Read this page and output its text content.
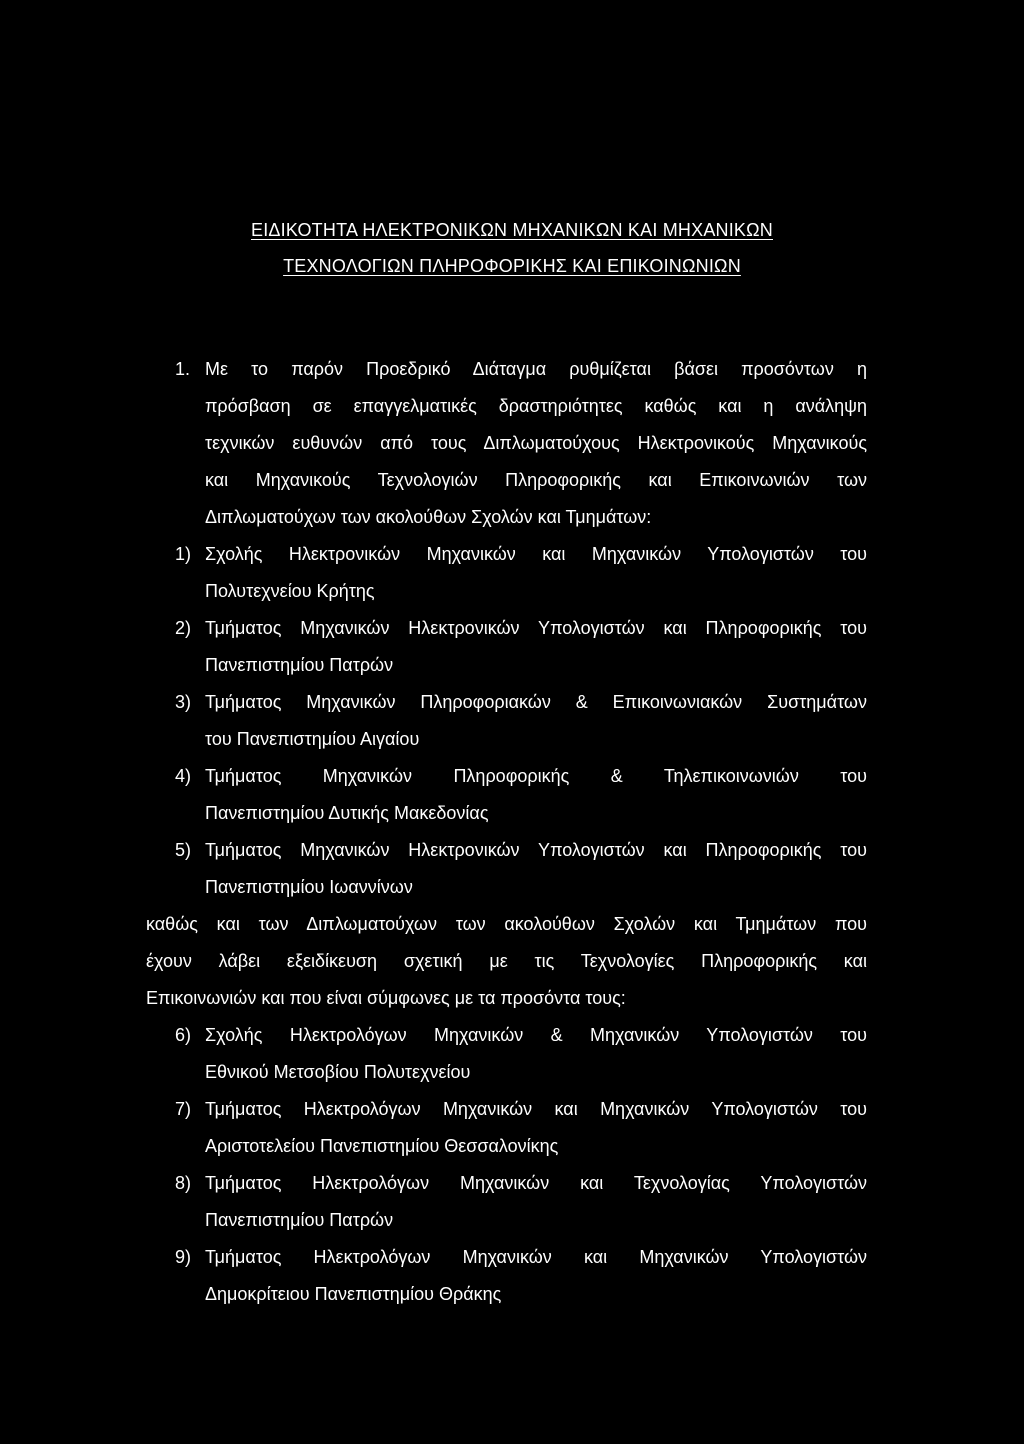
ΕΙΔΙΚΟΤΗΤΑ ΗΛΕΚΤΡΟΝΙΚΩΝ ΜΗΧΑΝΙΚΩΝ ΚΑΙ ΜΗΧΑΝΙΚΩΝ
ΤΕΧΝΟΛΟΓΙΩΝ ΠΛΗΡΟΦΟΡΙΚΗΣ ΚΑΙ ΕΠΙΚΟΙΝΩΝΙΩΝ
1. Με το παρόν Προεδρικό Διάταγμα ρυθμίζεται βάσει προσόντων η
πρόσβαση σε επαγγελματικές δραστηριότητες καθώς και η ανάληψη
τεχνικών ευθυνών από τους Διπλωματούχους Ηλεκτρονικούς Μηχανικούς
και Μηχανικούς Τεχνολογιών Πληροφορικής και Επικοινωνιών των
Διπλωματούχων των ακολούθων Σχολών και Τμημάτων:
1) Σχολής Ηλεκτρονικών Μηχανικών και Μηχανικών Υπολογιστών του
Πολυτεχνείου Κρήτης
2) Τμήματος Μηχανικών Ηλεκτρονικών Υπολογιστών και Πληροφορικής του
Πανεπιστημίου Πατρών
3) Τμήματος Μηχανικών Πληροφοριακών & Επικοινωνιακών Συστημάτων
του Πανεπιστημίου Αιγαίου
4) Τμήματος Μηχανικών Πληροφορικής & Τηλεπικοινωνιών του
Πανεπιστημίου Δυτικής Μακεδονίας
5) Τμήματος Μηχανικών Ηλεκτρονικών Υπολογιστών και Πληροφορικής του
Πανεπιστημίου Ιωαννίνων
καθώς και των Διπλωματούχων των ακολούθων Σχολών και Τμημάτων που
έχουν λάβει εξειδίκευση σχετική με τις Τεχνολογίες Πληροφορικής και
Επικοινωνιών και που είναι σύμφωνες με τα προσόντα τους:
6) Σχολής Ηλεκτρολόγων Μηχανικών & Μηχανικών Υπολογιστών του
Εθνικού Μετσοβίου Πολυτεχνείου
7) Τμήματος Ηλεκτρολόγων Μηχανικών και Μηχανικών Υπολογιστών του
Αριστοτελείου Πανεπιστημίου Θεσσαλονίκης
8) Τμήματος Ηλεκτρολόγων Μηχανικών και Τεχνολογίας Υπολογιστών
Πανεπιστημίου Πατρών
9) Τμήματος Ηλεκτρολόγων Μηχανικών και Μηχανικών Υπολογιστών
Δημοκρίτειου Πανεπιστημίου Θράκης
